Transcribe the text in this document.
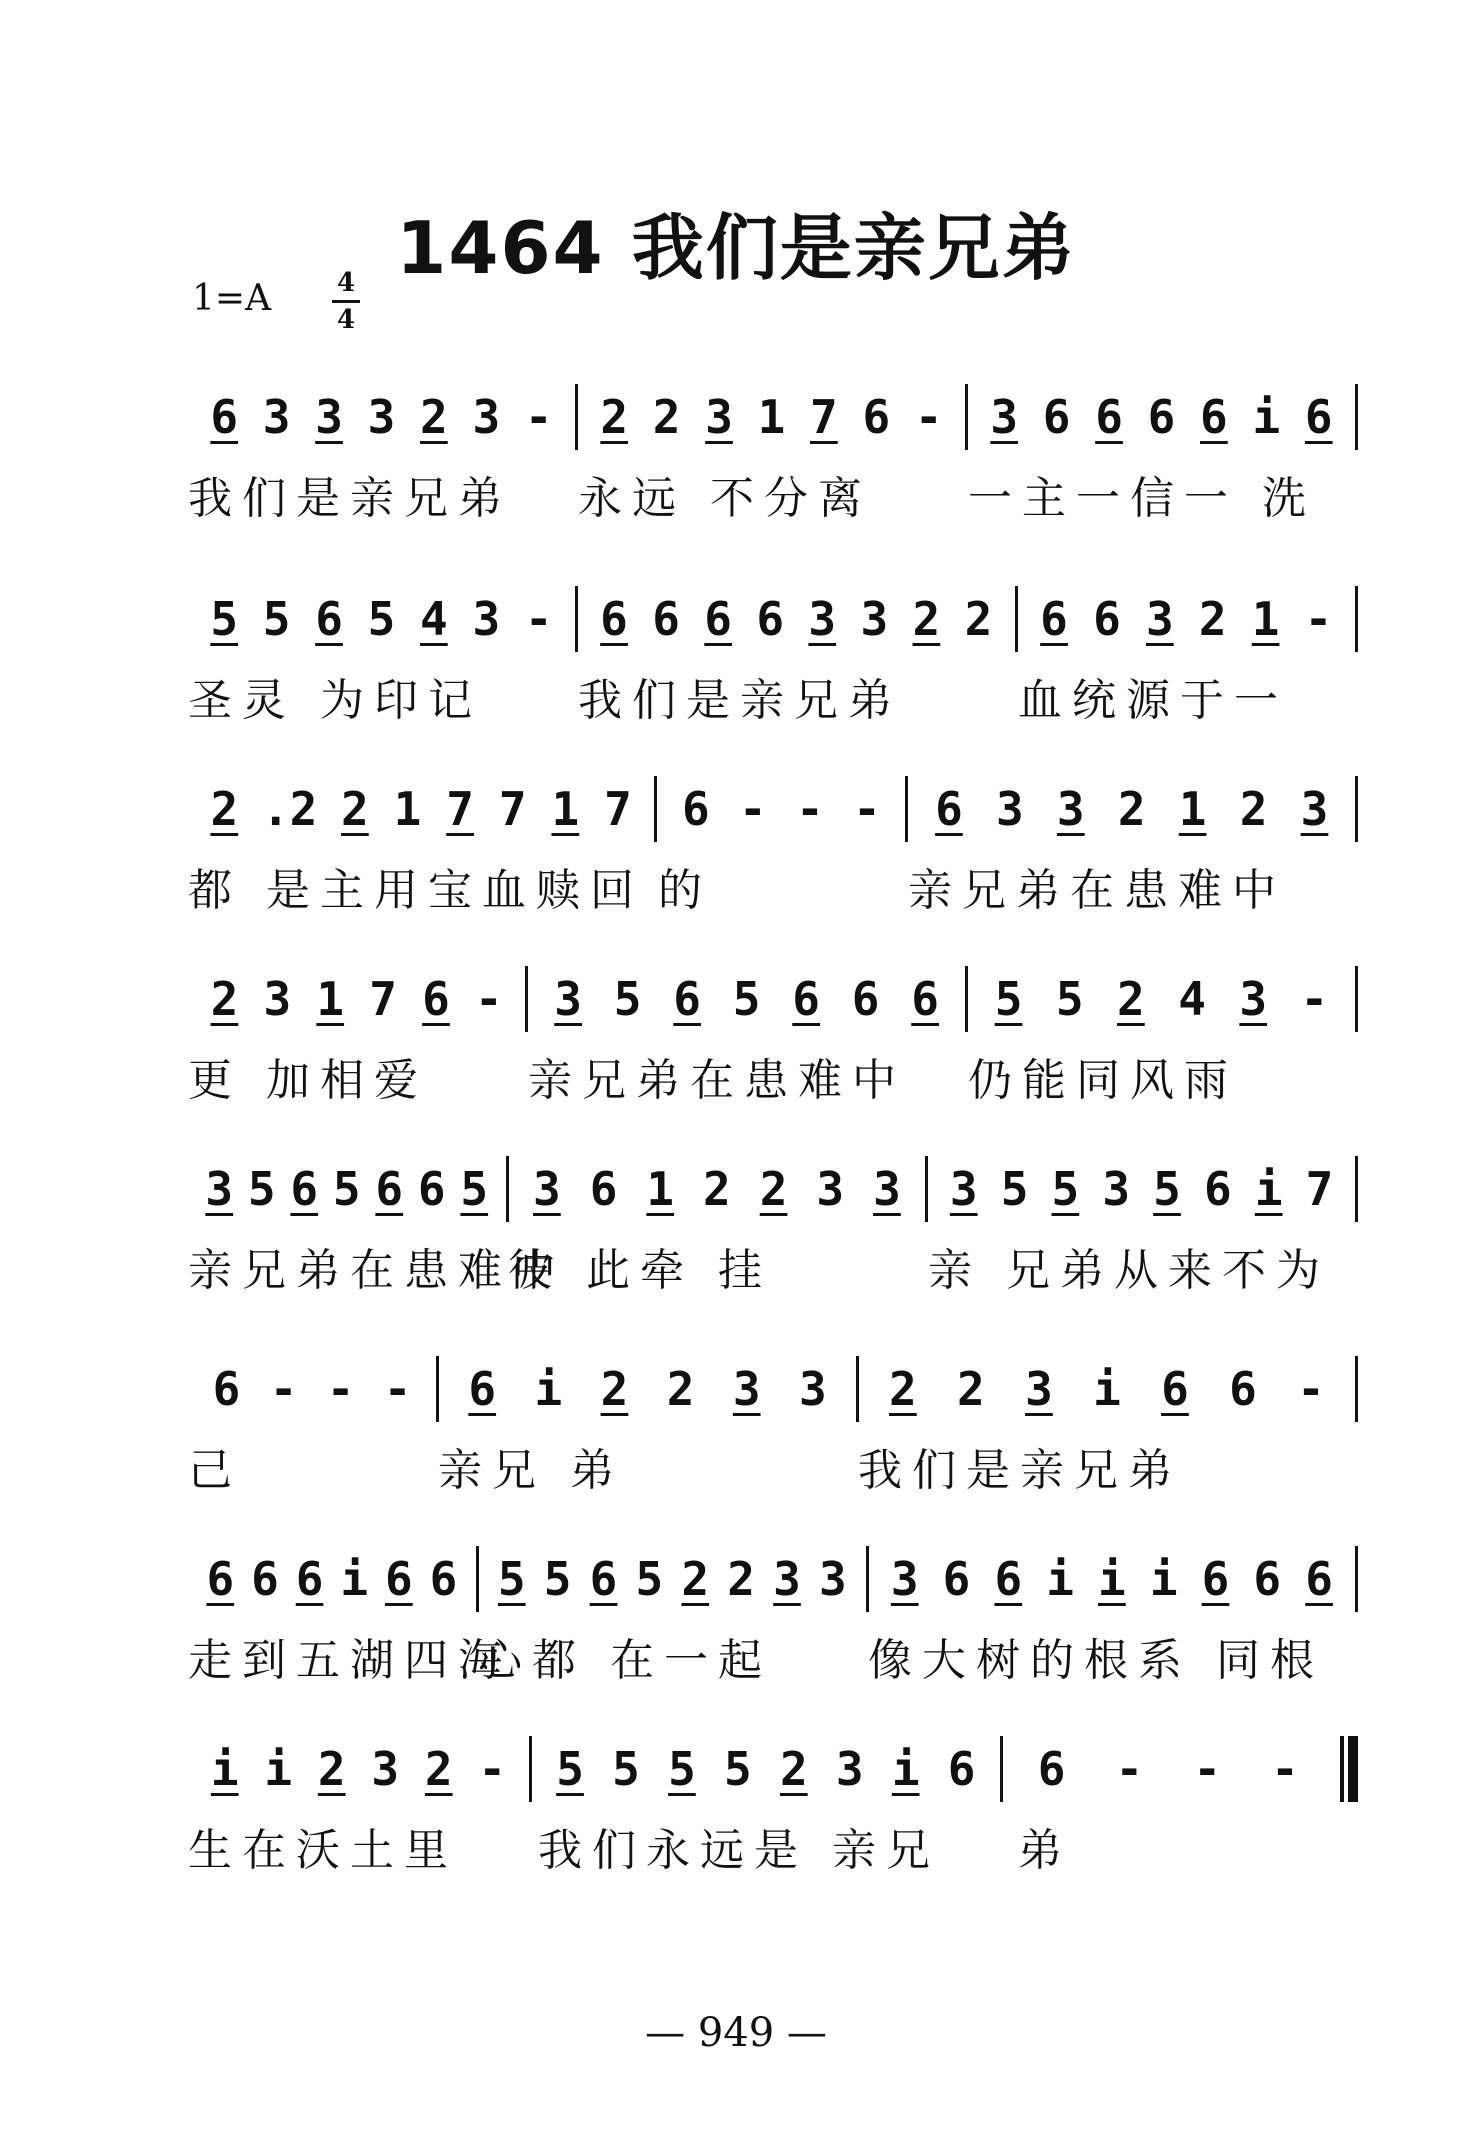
1464 我们是亲兄弟
1=A	4
4
6 3 3 3 2 3 - 2 2 3 1 7 6 - 3 6 6 6 6 i 6
我们是亲兄弟 永远 不分离 一主一信一 洗
5 5 6 5 4 3 - 6 6 6 6 3 3 2 2 6 6 3 2 1 -
圣灵 为印记 我们是亲兄弟	血统源于一
2 .2 2 1 7 7 1 7 6 - - - 6 3 3 2 1 2 3
都 是主用宝血赎回 的	亲兄弟在患难中
2 3 1 7 6 - 3 5 6 5 6 6 6 5 5 2 4 3 -
更 加相爱 亲兄弟在患难中 仍能同风雨
3 5 6 5 6 6 5 3 6 1 2 2 3 3 3 5 5 3 5 6 i 7
亲兄弟在患难中
彼 此牵 挂	亲 兄弟从来不为
6 - - - 6 i 2 2 3 3 2 2 3 i 6 6 -
己	亲兄 弟	我们是亲兄弟
6 6 6 i 6 6 5 5 6 5 2 2 3 3 3 6 6 i i i 6 6 6
走到五湖四海
心都 在一起 像大树的根系 同根
i i 2 3 2 - 5 5 5 5 2 3 i 6 6 - - -
生在沃土里 我们永远是 亲兄 弟
— 949 —
